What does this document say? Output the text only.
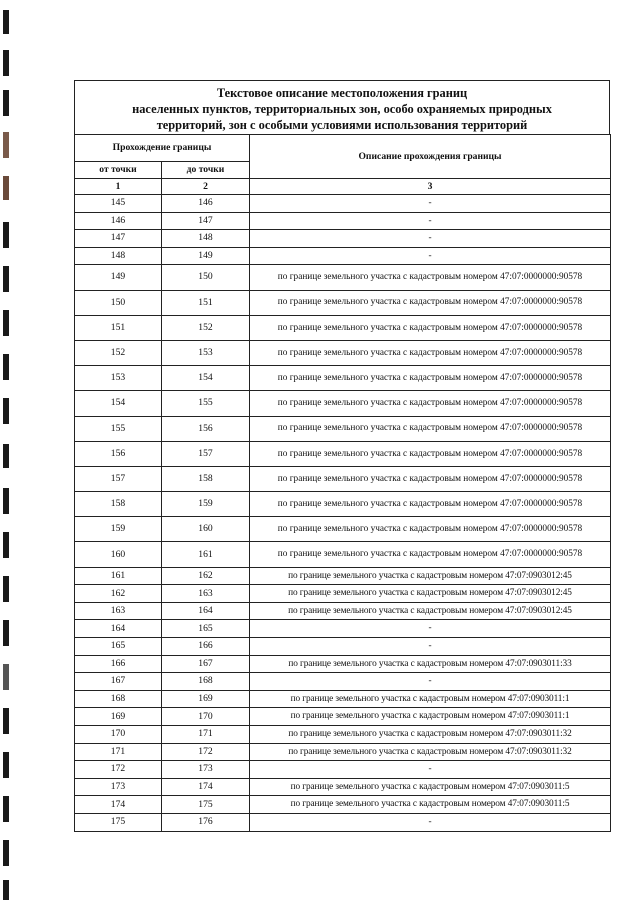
Текстовое описание местоположения границ
населенных пунктов, территориальных зон, особо охраняемых природных
территорий, зон с особыми условиями использования территорий
Прохождение границы		Описание прохождения границы
от точки	до точки	
1	2	3
145	146	-
146	147	-
147	148	-
148	149	-
149	150	по границе земельного участка с кадастровым номером 47:07:0000000:90578
150	151	по границе земельного участка с кадастровым номером 47:07:0000000:90578
151	152	по границе земельного участка с кадастровым номером 47:07:0000000:90578
152	153	по границе земельного участка с кадастровым номером 47:07:0000000:90578
153	154	по границе земельного участка с кадастровым номером 47:07:0000000:90578
154	155	по границе земельного участка с кадастровым номером 47:07:0000000:90578
155	156	по границе земельного участка с кадастровым номером 47:07:0000000:90578
156	157	по границе земельного участка с кадастровым номером 47:07:0000000:90578
157	158	по границе земельного участка с кадастровым номером 47:07:0000000:90578
158	159	по границе земельного участка с кадастровым номером 47:07:0000000:90578
159	160	по границе земельного участка с кадастровым номером 47:07:0000000:90578
160	161	по границе земельного участка с кадастровым номером 47:07:0000000:90578
161	162	по границе земельного участка с кадастровым номером 47:07:0903012:45
162	163	по границе земельного участка с кадастровым номером 47:07:0903012:45
163	164	по границе земельного участка с кадастровым номером 47:07:0903012:45
164	165	-
165	166	-
166	167	по границе земельного участка с кадастровым номером 47:07:0903011:33
167	168	-
168	169	по границе земельного участка с кадастровым номером 47:07:0903011:1
169	170	по границе земельного участка с кадастровым номером 47:07:0903011:1
170	171	по границе земельного участка с кадастровым номером 47:07:0903011:32
171	172	по границе земельного участка с кадастровым номером 47:07:0903011:32
172	173	-
173	174	по границе земельного участка с кадастровым номером 47:07:0903011:5
174	175	по границе земельного участка с кадастровым номером 47:07:0903011:5
175	176	-
